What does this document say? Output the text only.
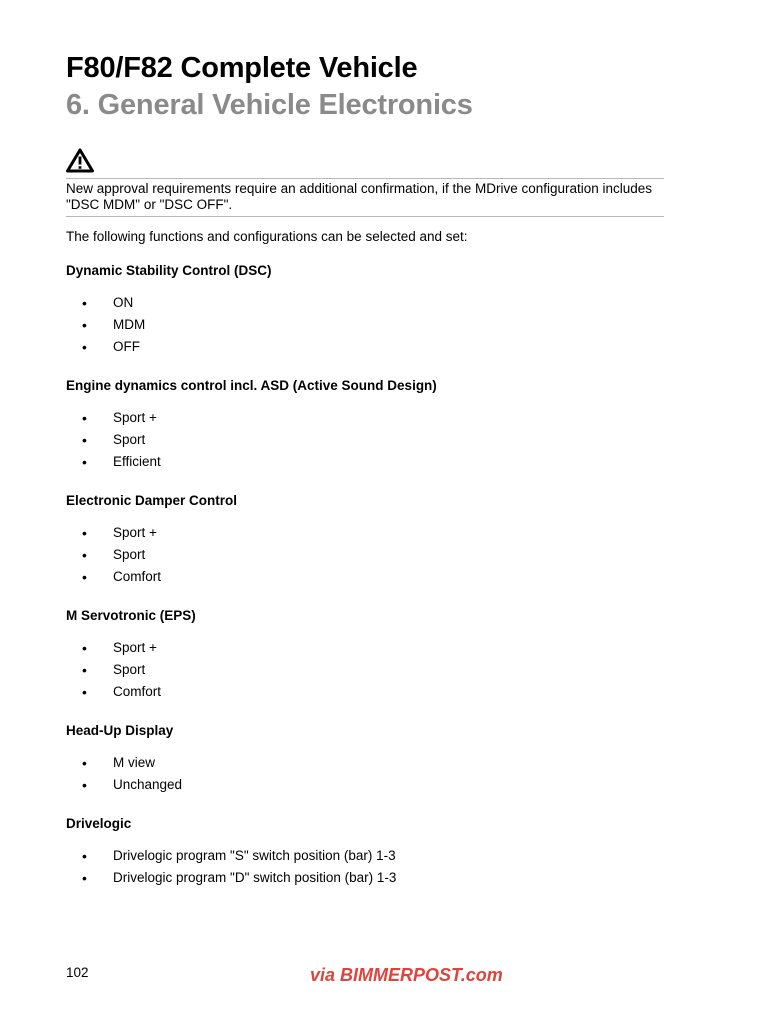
F80/F82 Complete Vehicle
6. General Vehicle Electronics
New approval requirements require an additional confirmation, if the MDrive configuration includes "DSC MDM" or "DSC OFF".
The following functions and configurations can be selected and set:
Dynamic Stability Control (DSC)
• ON
• MDM
• OFF
Engine dynamics control incl. ASD (Active Sound Design)
• Sport +
• Sport
• Efficient
Electronic Damper Control
• Sport +
• Sport
• Comfort
M Servotronic (EPS)
• Sport +
• Sport
• Comfort
Head-Up Display
• M view
• Unchanged
Drivelogic
• Drivelogic program "S" switch position (bar) 1-3
• Drivelogic program "D" switch position (bar) 1-3
102	via BIMMERPOST.com
